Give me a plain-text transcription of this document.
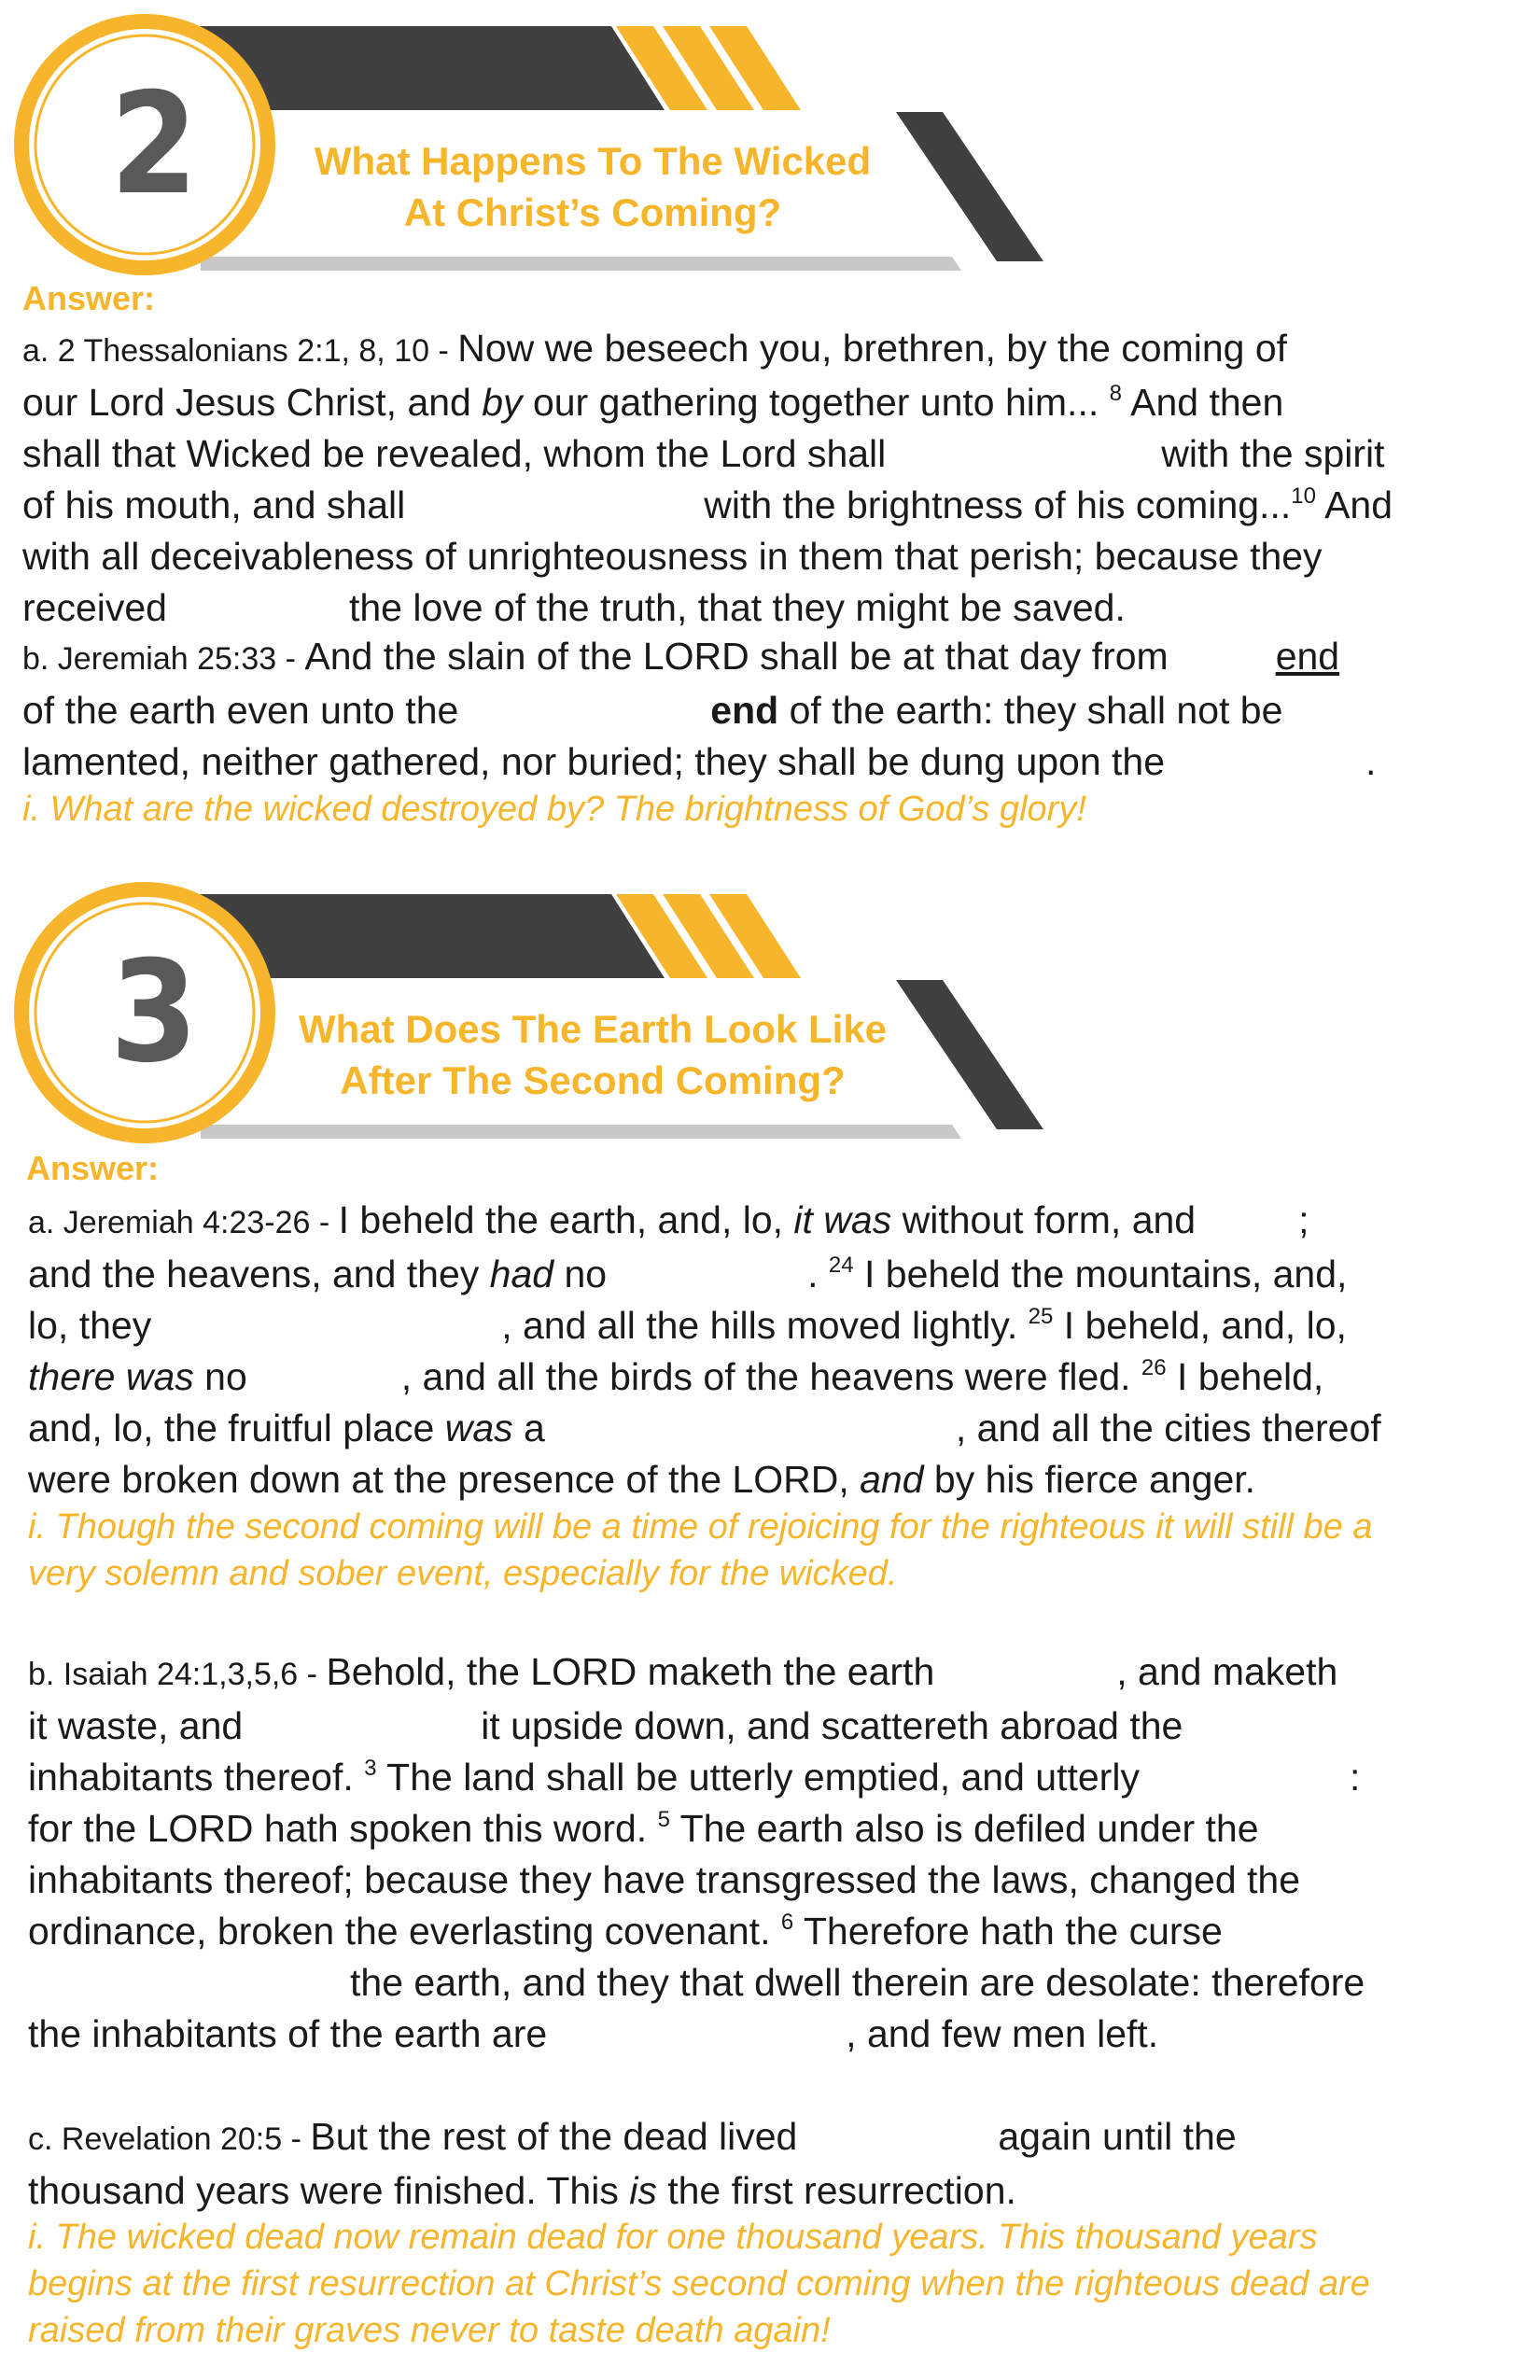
2	What Happens To The Wicked
At Christ’s Coming?
Answer:
a. 2 Thessalonians 2:1, 8, 10 - Now we beseech you, brethren, by the coming of
our Lord Jesus Christ, and by our gathering together unto him... $^8$ And then
shall that Wicked be revealed, whom the Lord shall	with the spirit
of his mouth, and shall	with the brightness of his coming...$^{10}$ And
with all deceivableness of unrighteousness in them that perish; because they
received	the love of the truth, that they might be saved.
b. Jeremiah 25:33 - And the slain of the LORD shall be at that day from	end
of the earth even unto the	end of the earth: they shall not be
lamented, neither gathered, nor buried; they shall be dung upon the	.
i. What are the wicked destroyed by? The brightness of God’s glory!
3	What Does The Earth Look Like
After The Second Coming?
Answer:
a. Jeremiah 4:23-26 - I beheld the earth, and, lo, it was without form, and	;
and the heavens, and they had no	. $^{24}$ I beheld the mountains, and,
lo, they	, and all the hills moved lightly. $^{25}$ I beheld, and, lo,
there was no	, and all the birds of the heavens were fled. $^{26}$ I beheld,
and, lo, the fruitful place was a	, and all the cities thereof
were broken down at the presence of the LORD, and by his fierce anger.
i. Though the second coming will be a time of rejoicing for the righteous it will still be a
very solemn and sober event, especially for the wicked.
b. Isaiah 24:1,3,5,6 - Behold, the LORD maketh the earth	, and maketh
it waste, and	it upside down, and scattereth abroad the
inhabitants thereof. $^3$ The land shall be utterly emptied, and utterly	:
for the LORD hath spoken this word. $^5$ The earth also is defiled under the
inhabitants thereof; because they have transgressed the laws, changed the
ordinance, broken the everlasting covenant. $^6$ Therefore hath the curse
the earth, and they that dwell therein are desolate: therefore
the inhabitants of the earth are	, and few men left.
c. Revelation 20:5 - But the rest of the dead lived	again until the
thousand years were finished. This is the first resurrection.
i. The wicked dead now remain dead for one thousand years. This thousand years
begins at the first resurrection at Christ’s second coming when the righteous dead are
raised from their graves never to taste death again!
